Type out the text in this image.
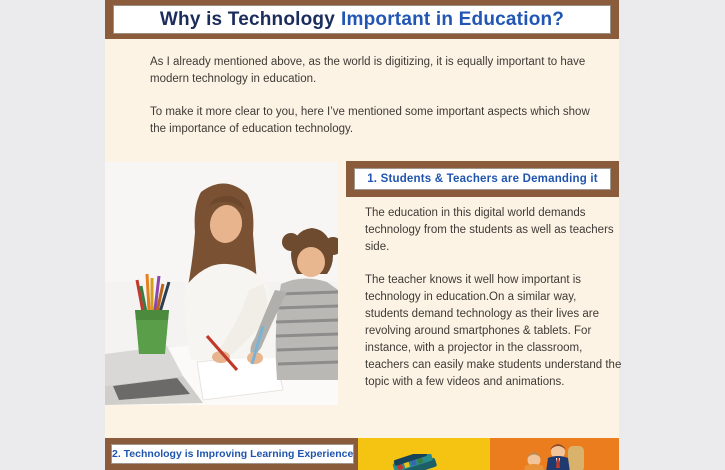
Why is Technology Important in Education?

As I already mentioned above, as the world is digitizing, it is equally important to have modern technology in education.

To make it more clear to you, here I’ve mentioned some important aspects which show the importance of education technology.

1. Students & Teachers are Demanding it

The education in this digital world demands technology from the students as well as teachers side.

The teacher knows it well how important is technology in education.On a similar way, students demand technology as their lives are revolving around smartphones & tablets. For instance, with a projector in the classroom, teachers can easily make students understand the topic with a few videos and animations.

2. Technology is Improving Learning Experience
